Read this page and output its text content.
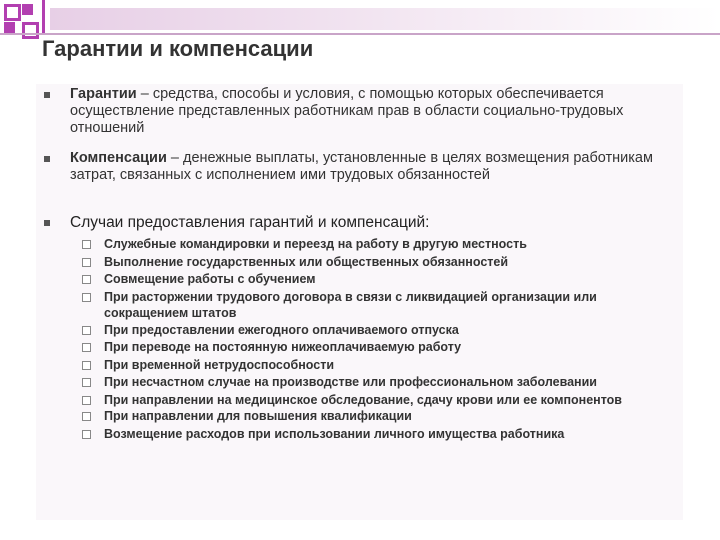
Гарантии и компенсации
Гарантии – средства, способы и условия, с помощью которых обеспечивается осуществление представленных работникам прав в области социально-трудовых отношений
Компенсации – денежные выплаты, установленные в целях возмещения работникам затрат, связанных с исполнением ими трудовых обязанностей
Случаи предоставления гарантий и компенсаций:
Служебные командировки и переезд на работу в другую местность
Выполнение государственных или общественных обязанностей
Совмещение работы с обучением
При расторжении трудового договора в связи с ликвидацией организации или сокращением штатов
При предоставлении ежегодного оплачиваемого отпуска
При переводе на постоянную нижеоплачиваемую работу
При временной нетрудоспособности
При несчастном случае на производстве или профессиональном заболевании
При направлении на медицинское обследование, сдачу крови или ее компонентов
При направлении для повышения квалификации
Возмещение расходов при использовании личного имущества работника
